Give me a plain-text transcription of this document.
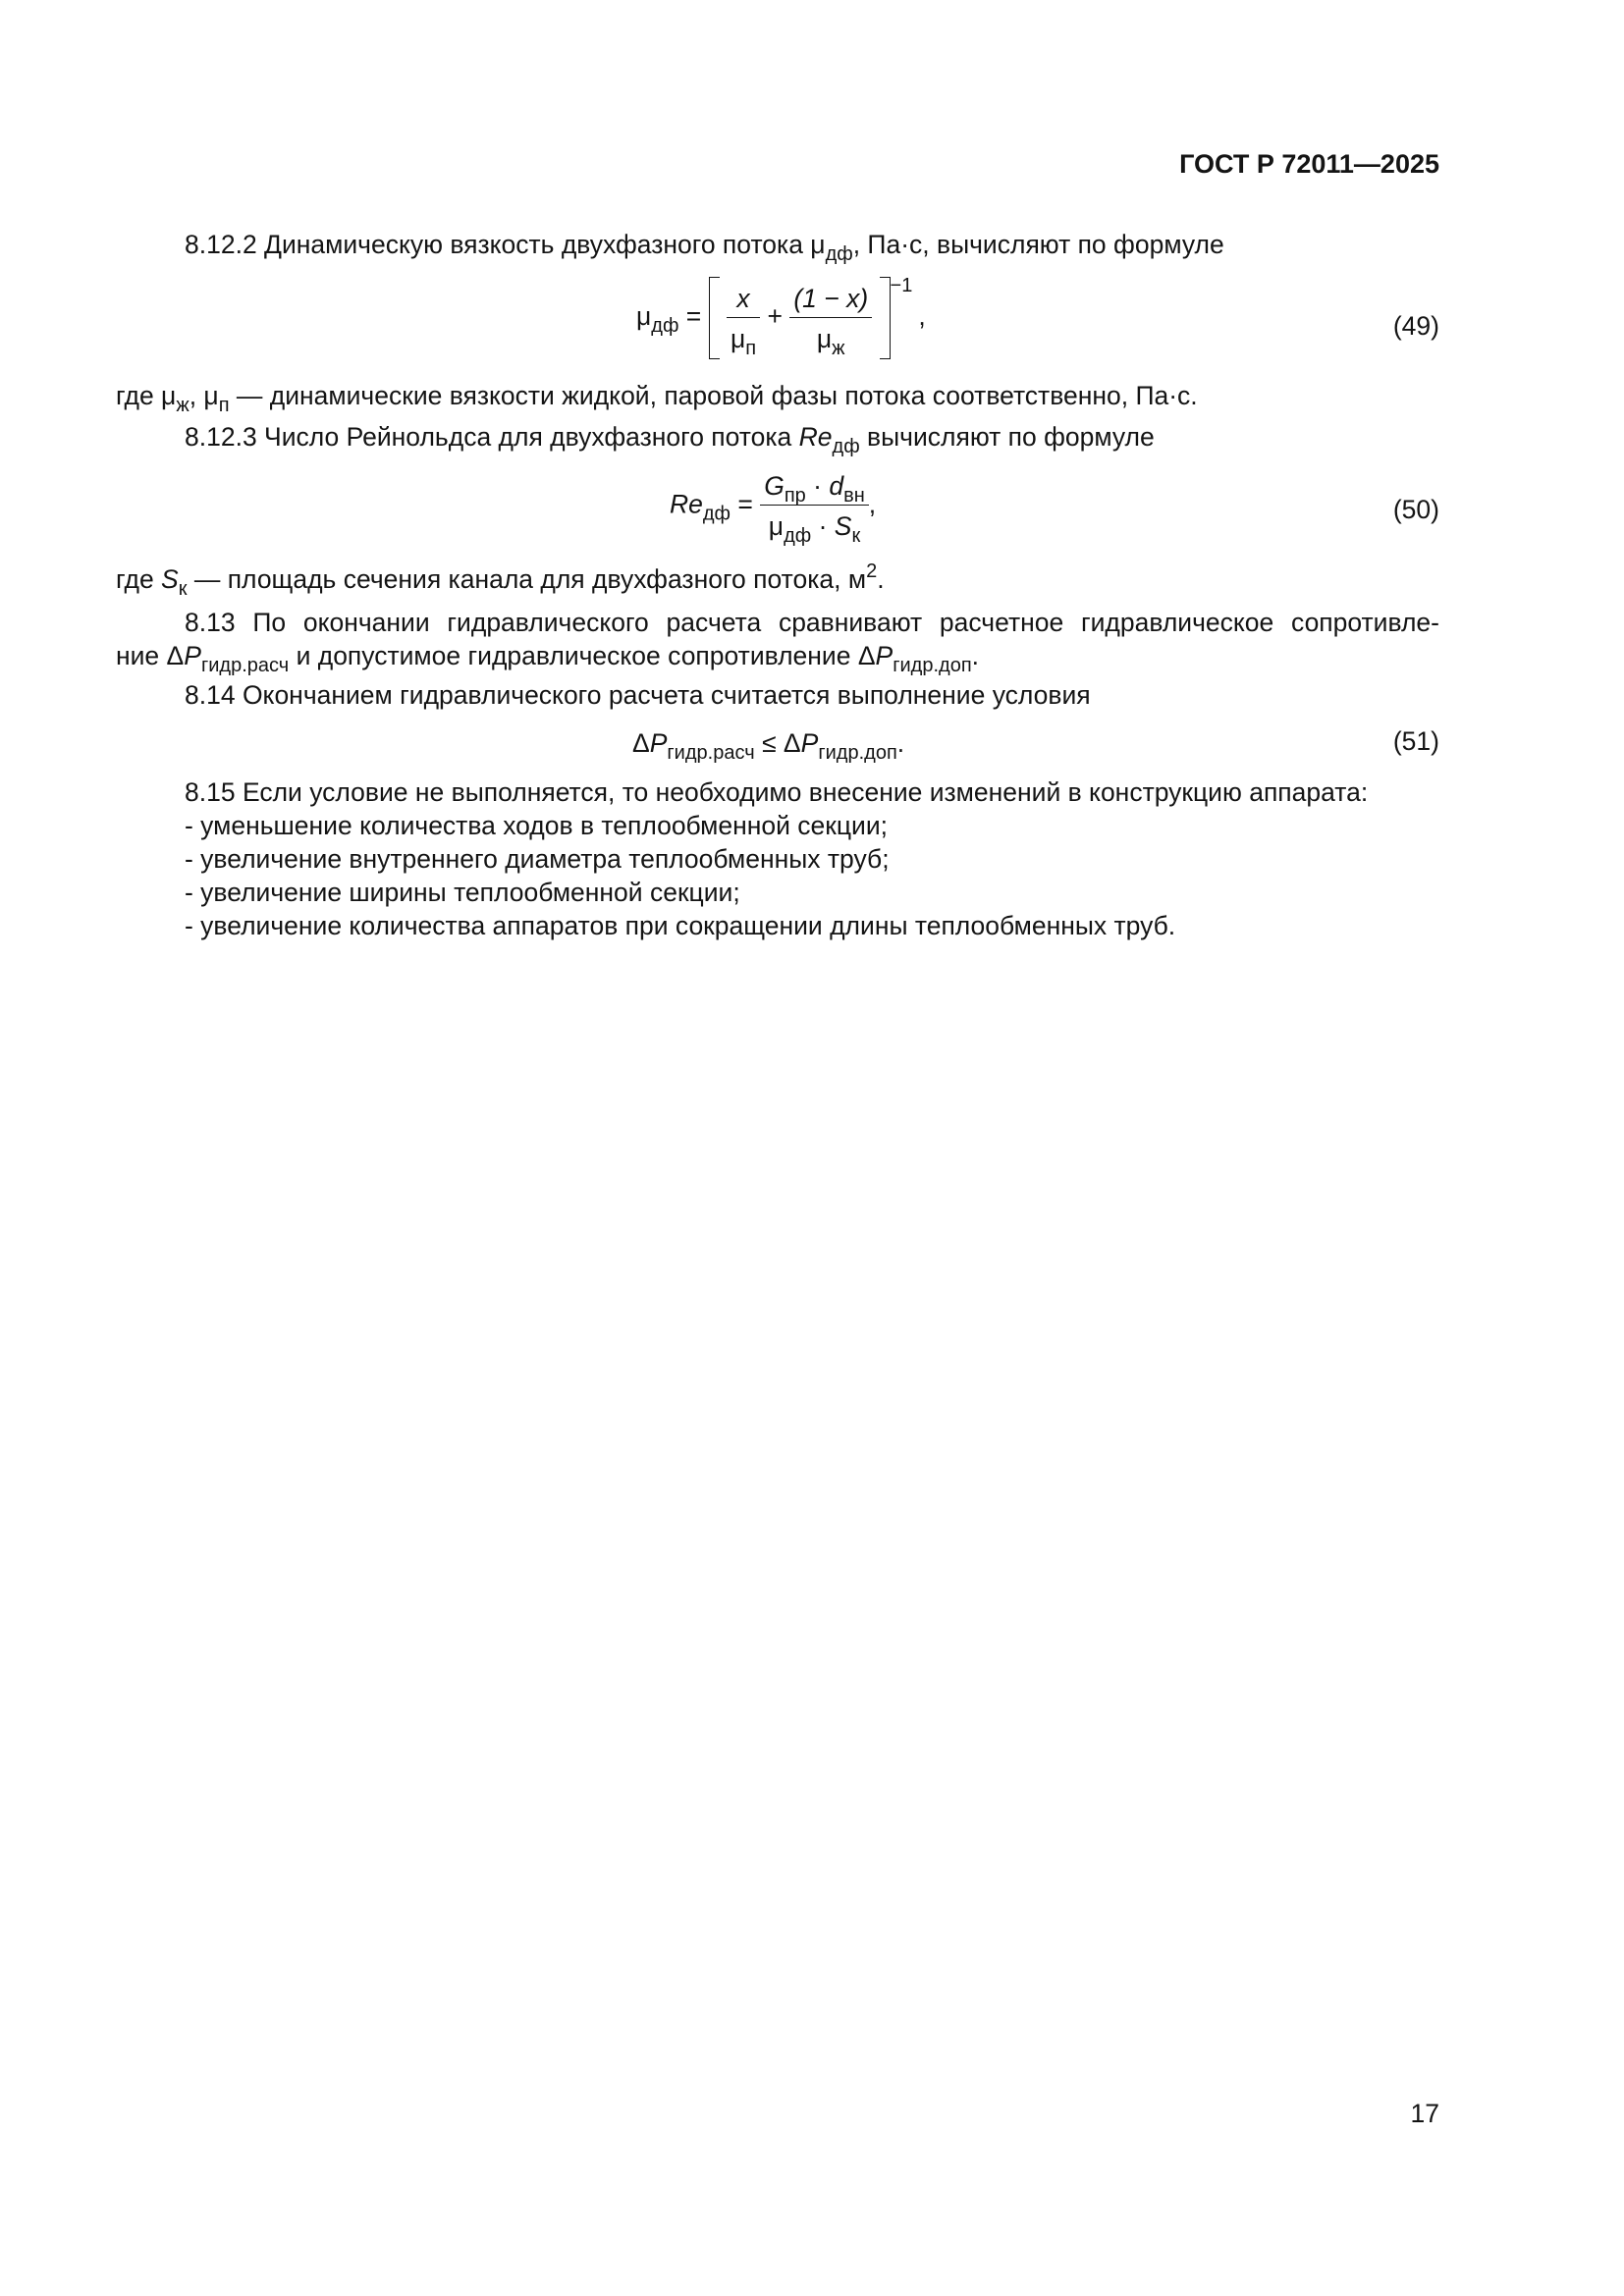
ГОСТ Р 72011—2025
8.12.2 Динамическую вязкость двухфазного потока $\mu_{дф}$, Па·с, вычисляют по формуле
$\mu_{дф} = \frac{x}{\mu_п} + \frac{(1 - x)}{\mu_ж} ^{-1}$,	(49)
где $\mu_ж$, $\mu_п$ — динамические вязкости жидкой, паровой фазы потока соответственно, Па·с.
8.12.3 Число Рейнольдса для двухфазного потока $Re_{дф}$ вычисляют по формуле
$Re_{дф} = \frac{G_{пр} \cdot d_{вн}}{\mu_{дф} \cdot S_к}$ ,	(50)
где $S_к$ — площадь сечения канала для двухфазного потока, $м^2$.
8.13 По окончании гидравлического расчета сравнивают расчетное гидравлическое сопротивле-
ние $\Delta P_{гидр.расч}$ и допустимое гидравлическое сопротивление $\Delta P_{гидр.доп}$.
8.14 Окончанием гидравлического расчета считается выполнение условия
$\Delta P_{гидр.расч} \le \Delta P_{гидр.доп}$.	(51)
8.15 Если условие не выполняется, то необходимо внесение изменений в конструкцию аппарата:
- уменьшение количества ходов в теплообменной секции;
- увеличение внутреннего диаметра теплообменных труб;
- увеличение ширины теплообменной секции;
- увеличение количества аппаратов при сокращении длины теплообменных труб.
17
